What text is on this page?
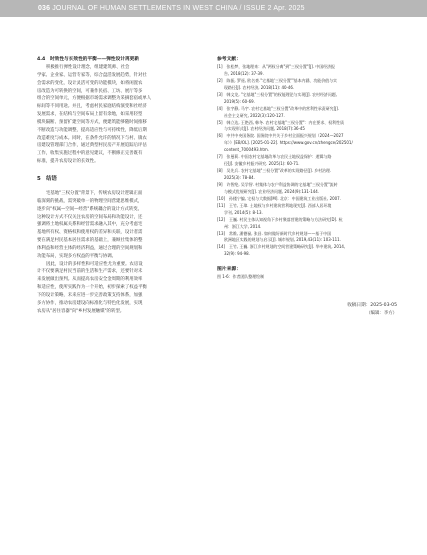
036 JOURNAL OF HUMAN SETTLEMENTS IN WEST CHINA / ISSUE 2 Apr. 2025
4.4　时效性与长效性的平衡——弹性设计再更新
积极推行弹性设计理念，组建建筑师、社会
学家、企业家、运营专家等，综合盘活发展趋势，针对社
会需求的变化，设计灵活可变的功能模块，如将闲置农
房改造为可转换的空间，可兼作民宿、工坊、展厅等多
组合的空间单元，方便根据市场需求调整为采摘套宿或单人
标间等不同用途。并且，考虑村民家庭结构演变和社经济
发展需求，在结构与空间布局上留有余地，如采用轻型
模块隔断、预留扩建空间等方式，便建筑能够随时间推移
不断改造与功能调整，提高适应性与可持续性，降低后期
改造难度与成本。同时，在条件允许的情况下与村、镇农
房建设管理部门合作，通过典型村民房产开展追踪后评估
工作，收集实施过程中的意见建议，不断修正完善既有
标准，提升农房设计的长效性。
5　结语
宅基地"三权分置"背景下，传统农房设计逻辑正面
临深刻的挑战，需突破单一的物理空间营建思维模式，
逐步向"权属—空间—经营"系统耦合的设计方式转变。
这种设计方式不仅关注农房的空间布局和功能设计，还
强调将土地权属关系和经营需求融入其中，充分考虑宅
基地所有权、资格权和使用权的差异和关联，设计者需
要在满足村民基本居住需求的基础上，兼顾社集体的整
体利益和经营主体的经济利益，通过合理的空间规划和
功能布局，实现多方权益的平衡与协调。
因此，设计的多样性和可适应性尤为重要。农房设
计不仅要满足村民当前的生活和生产需求，还要针对未
来发展做出预判。从而提高农房安全金周期的利用效率
和适应性，使所实践作为一个开始，初步探索了权益平衡
下的设计策略，未来应进一步完善政策支持体系，加强
多方协作，推动农房建设向标准化与特色化发展，实现
农房从"居住容器"向"乡村发展触媒"的转型。
参考文献：
[1]　张松梦，张地理来：从"两权分离"到"三权分置"[J]. 中国经济报
告, 2018(12): 37-39.
[2]　陈振, 罗遥, 欧名豪."宅基地'三权分置'"基本内涵、功能价值与实
现路径[J]. 农村经济, 2018(11): 40-46.
[3]　韩文龙, "宅基地"三权分置"的权能理论与实现[J]. 农村经济问题,
2019(5): 60-69.
[4]　张宇静, 马宇. 农村宅基地"三权分置"改革中的营利性承责研究[J].
社会主义研究, 2022(3):120-127.
[5]　韩立达, 王艳西, 韩冬. 农村宅基地"三权分置"：内在要求、权利性质
与实现形式[J]. 农村经济问题, 2018(7):36-45
[6]　中共中央国务院. 国务院中共关于乡村全面振兴规划（2024—2027
年）》[EB/OL]. [2025-01-22]. https://www.gov.cn/zhengce/202501/
content_7000493.htm.
[7]　张曼莉. 中国农村宅基地改革与农民土地权益保护：逻辑与路
径[J]. 安徽乡村振兴研究. 2025(1): 60-71.
[8]　吴先兵. 农村宅基地"三权分置"改革的实现路径[J]. 乡村治理.
2025(3): 78-84.
[9]　许智纶, 吴学智. 村集体与农户利益协调的宅基地"三权分置"流转
与模式优规研究[J]. 农业经济问题, 2024(9):131-144.
[10]　孙楼宁编, 宅权与大数据[M]. 北京：中国建筑工业出版社, 2007.
[11]　王竹, 王璋. 土地权与乡村建筑营利地现究[J]. 西部人居环境
学刊, 2014(5): 8-13.
[12]　王巍. 村民主体认知视角下乡村聚落营建的策略与方法研究[D]. 杭
州：浙江大学, 2014.
[13]　常维, 潘德禄, 张昌. 如何做好新时代乡村规划——基于中国
欧洲地区实践的规划与启示[J]. 城市规划, 2019,43(11): 103-111.
[14]　王竹, 王巍. 浙江乡村规划的空间营建策略研究[J]. 华中建筑, 2014,
32(9): 94-98.
图片来源：
图 1-6：作者团队整理绘制
收稿日期：2025-03-05
（编辑：李方）
